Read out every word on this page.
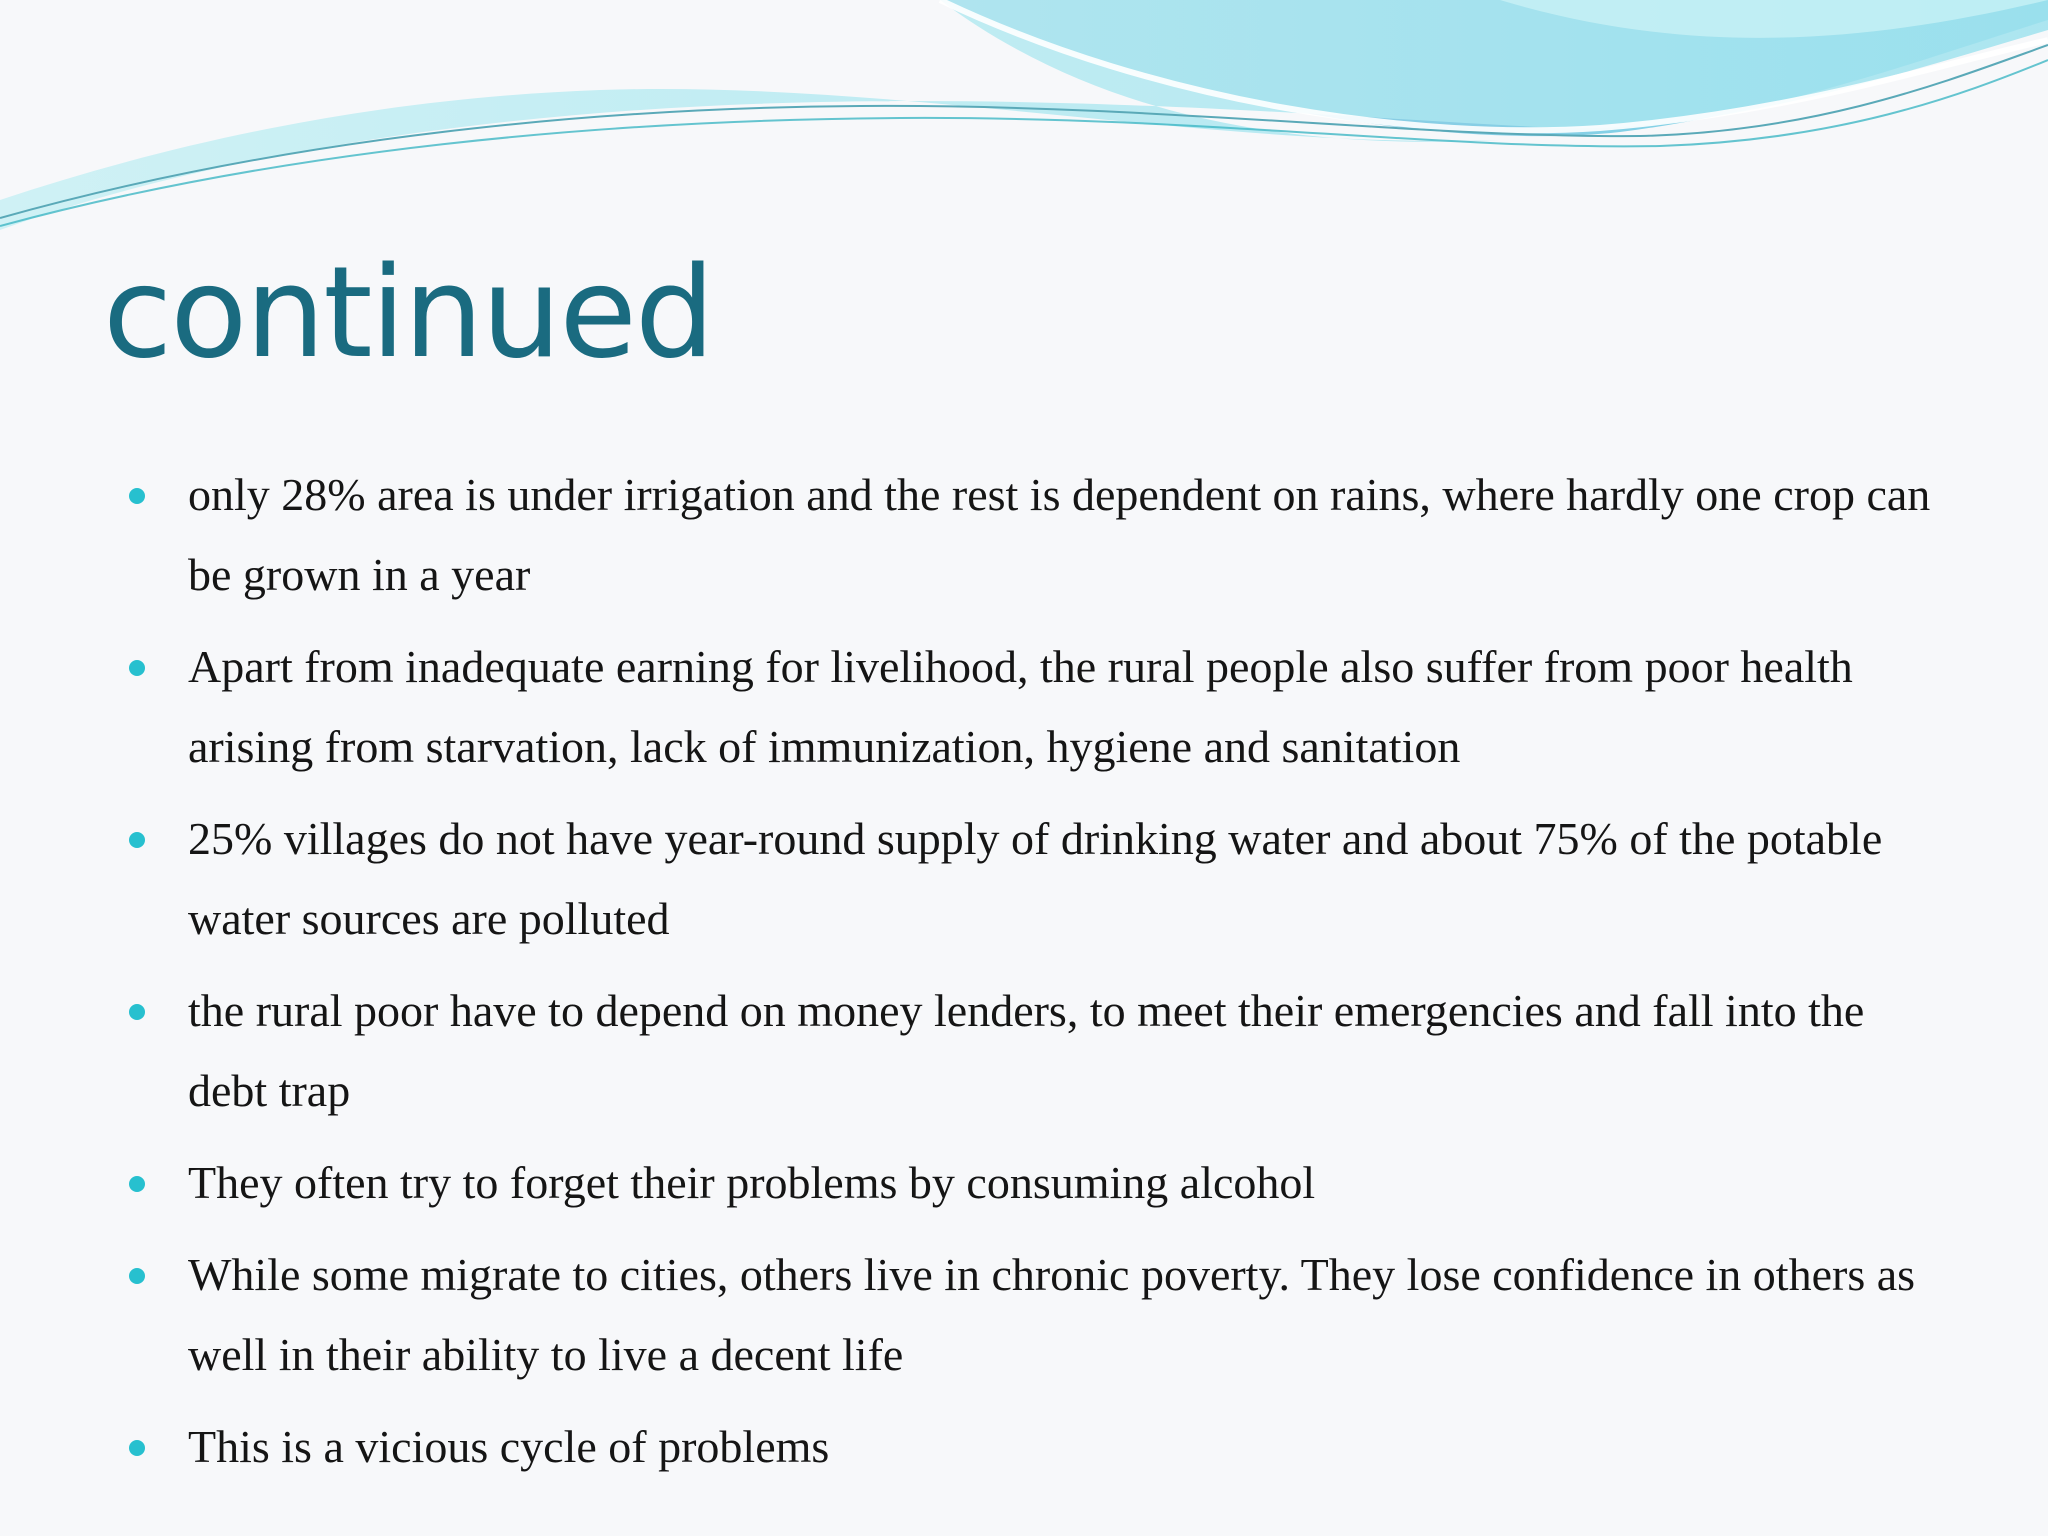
continued
only 28% area is under irrigation and the rest is dependent on rains, where hardly one crop can be grown in a year
Apart from inadequate earning for livelihood, the rural people also suffer from poor health arising from starvation, lack of immunization, hygiene and sanitation
25% villages do not have year-round supply of drinking water and about 75% of the potable water sources are polluted
the rural poor have to depend on money lenders, to meet their emergencies and fall into the debt trap
They often try to forget their problems by consuming alcohol
While some migrate to cities, others live in chronic poverty. They lose confidence in others as well in their ability to live a decent life
This is a vicious cycle of problems
